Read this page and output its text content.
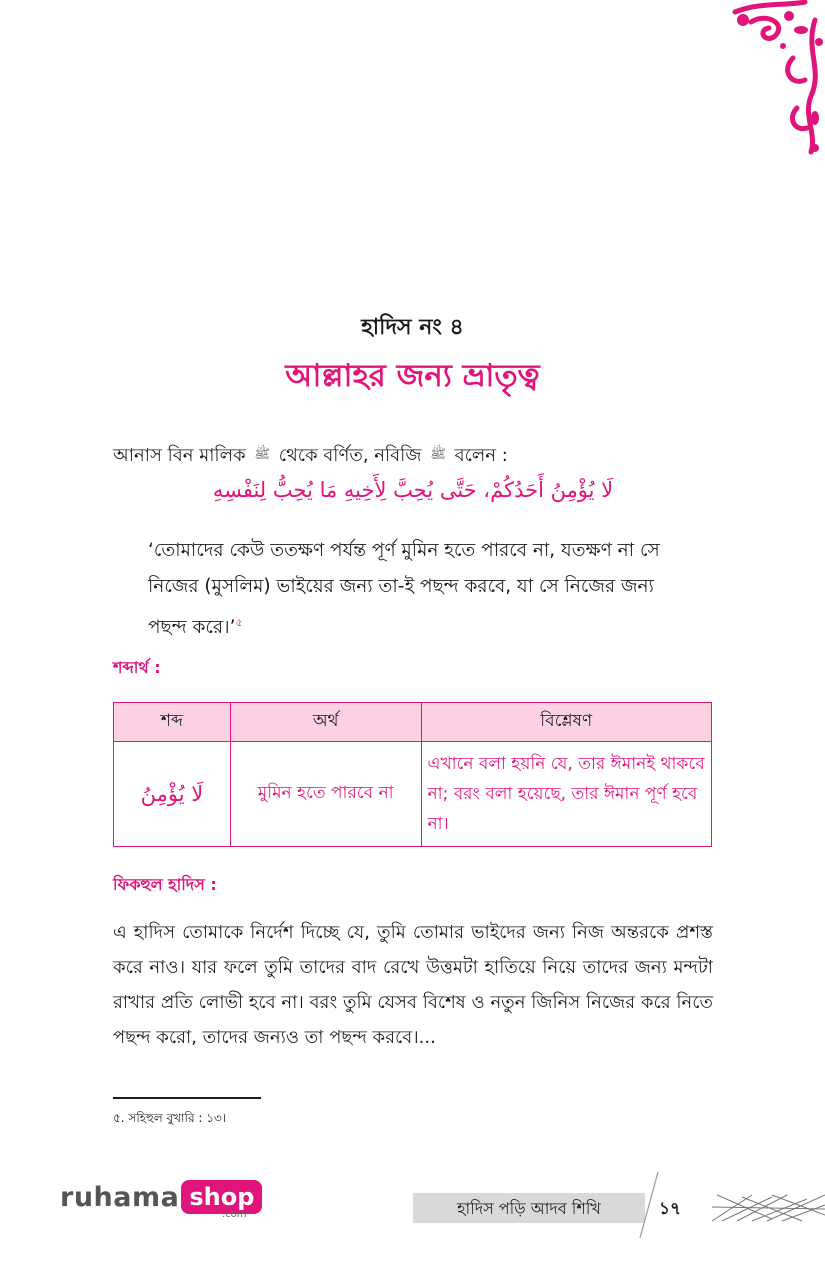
হাদিস নং ৪
আল্লাহর জন্য ভ্রাতৃত্ব
আনাস বিন মালিক ﷺ থেকে বর্ণিত, নবিজি ﷺ বলেন :
لَا يُؤْمِنُ أَحَدُكُمْ، حَتَّى يُحِبَّ لِأَخِيهِ مَا يُحِبُّ لِنَفْسِهِ
‘তোমাদের কেউ ততক্ষণ পর্যন্ত পূর্ণ মুমিন হতে পারবে না, যতক্ষণ না সে নিজের (মুসলিম) ভাইয়ের জন্য তা-ই পছন্দ করবে, যা সে নিজের জন্য পছন্দ করে।’$^৫$
শব্দার্থ :
শব্দ	অর্থ	বিশ্লেষণ
لَا يُؤْمِنُ	মুমিন হতে পারবে না	এখানে বলা হয়নি যে, তার ঈমানই থাকবে না; বরং বলা হয়েছে, তার ঈমান পূর্ণ হবে না।
ফিকহুল হাদিস :
এ হাদিস তোমাকে নির্দেশ দিচ্ছে যে, তুমি তোমার ভাইদের জন্য নিজ অন্তরকে প্রশস্ত করে নাও। যার ফলে তুমি তাদের বাদ রেখে উত্তমটা হাতিয়ে নিয়ে তাদের জন্য মন্দটা রাখার প্রতি লোভী হবে না। বরং তুমি যেসব বিশেষ ও নতুন জিনিস নিজের করে নিতে পছন্দ করো, তাদের জন্যও তা পছন্দ করবে।...
৫. সহিহুল বুখারি : ১৩।
ruhama shop
.com	হাদিস পড়ি আদব শিখি	১৭
